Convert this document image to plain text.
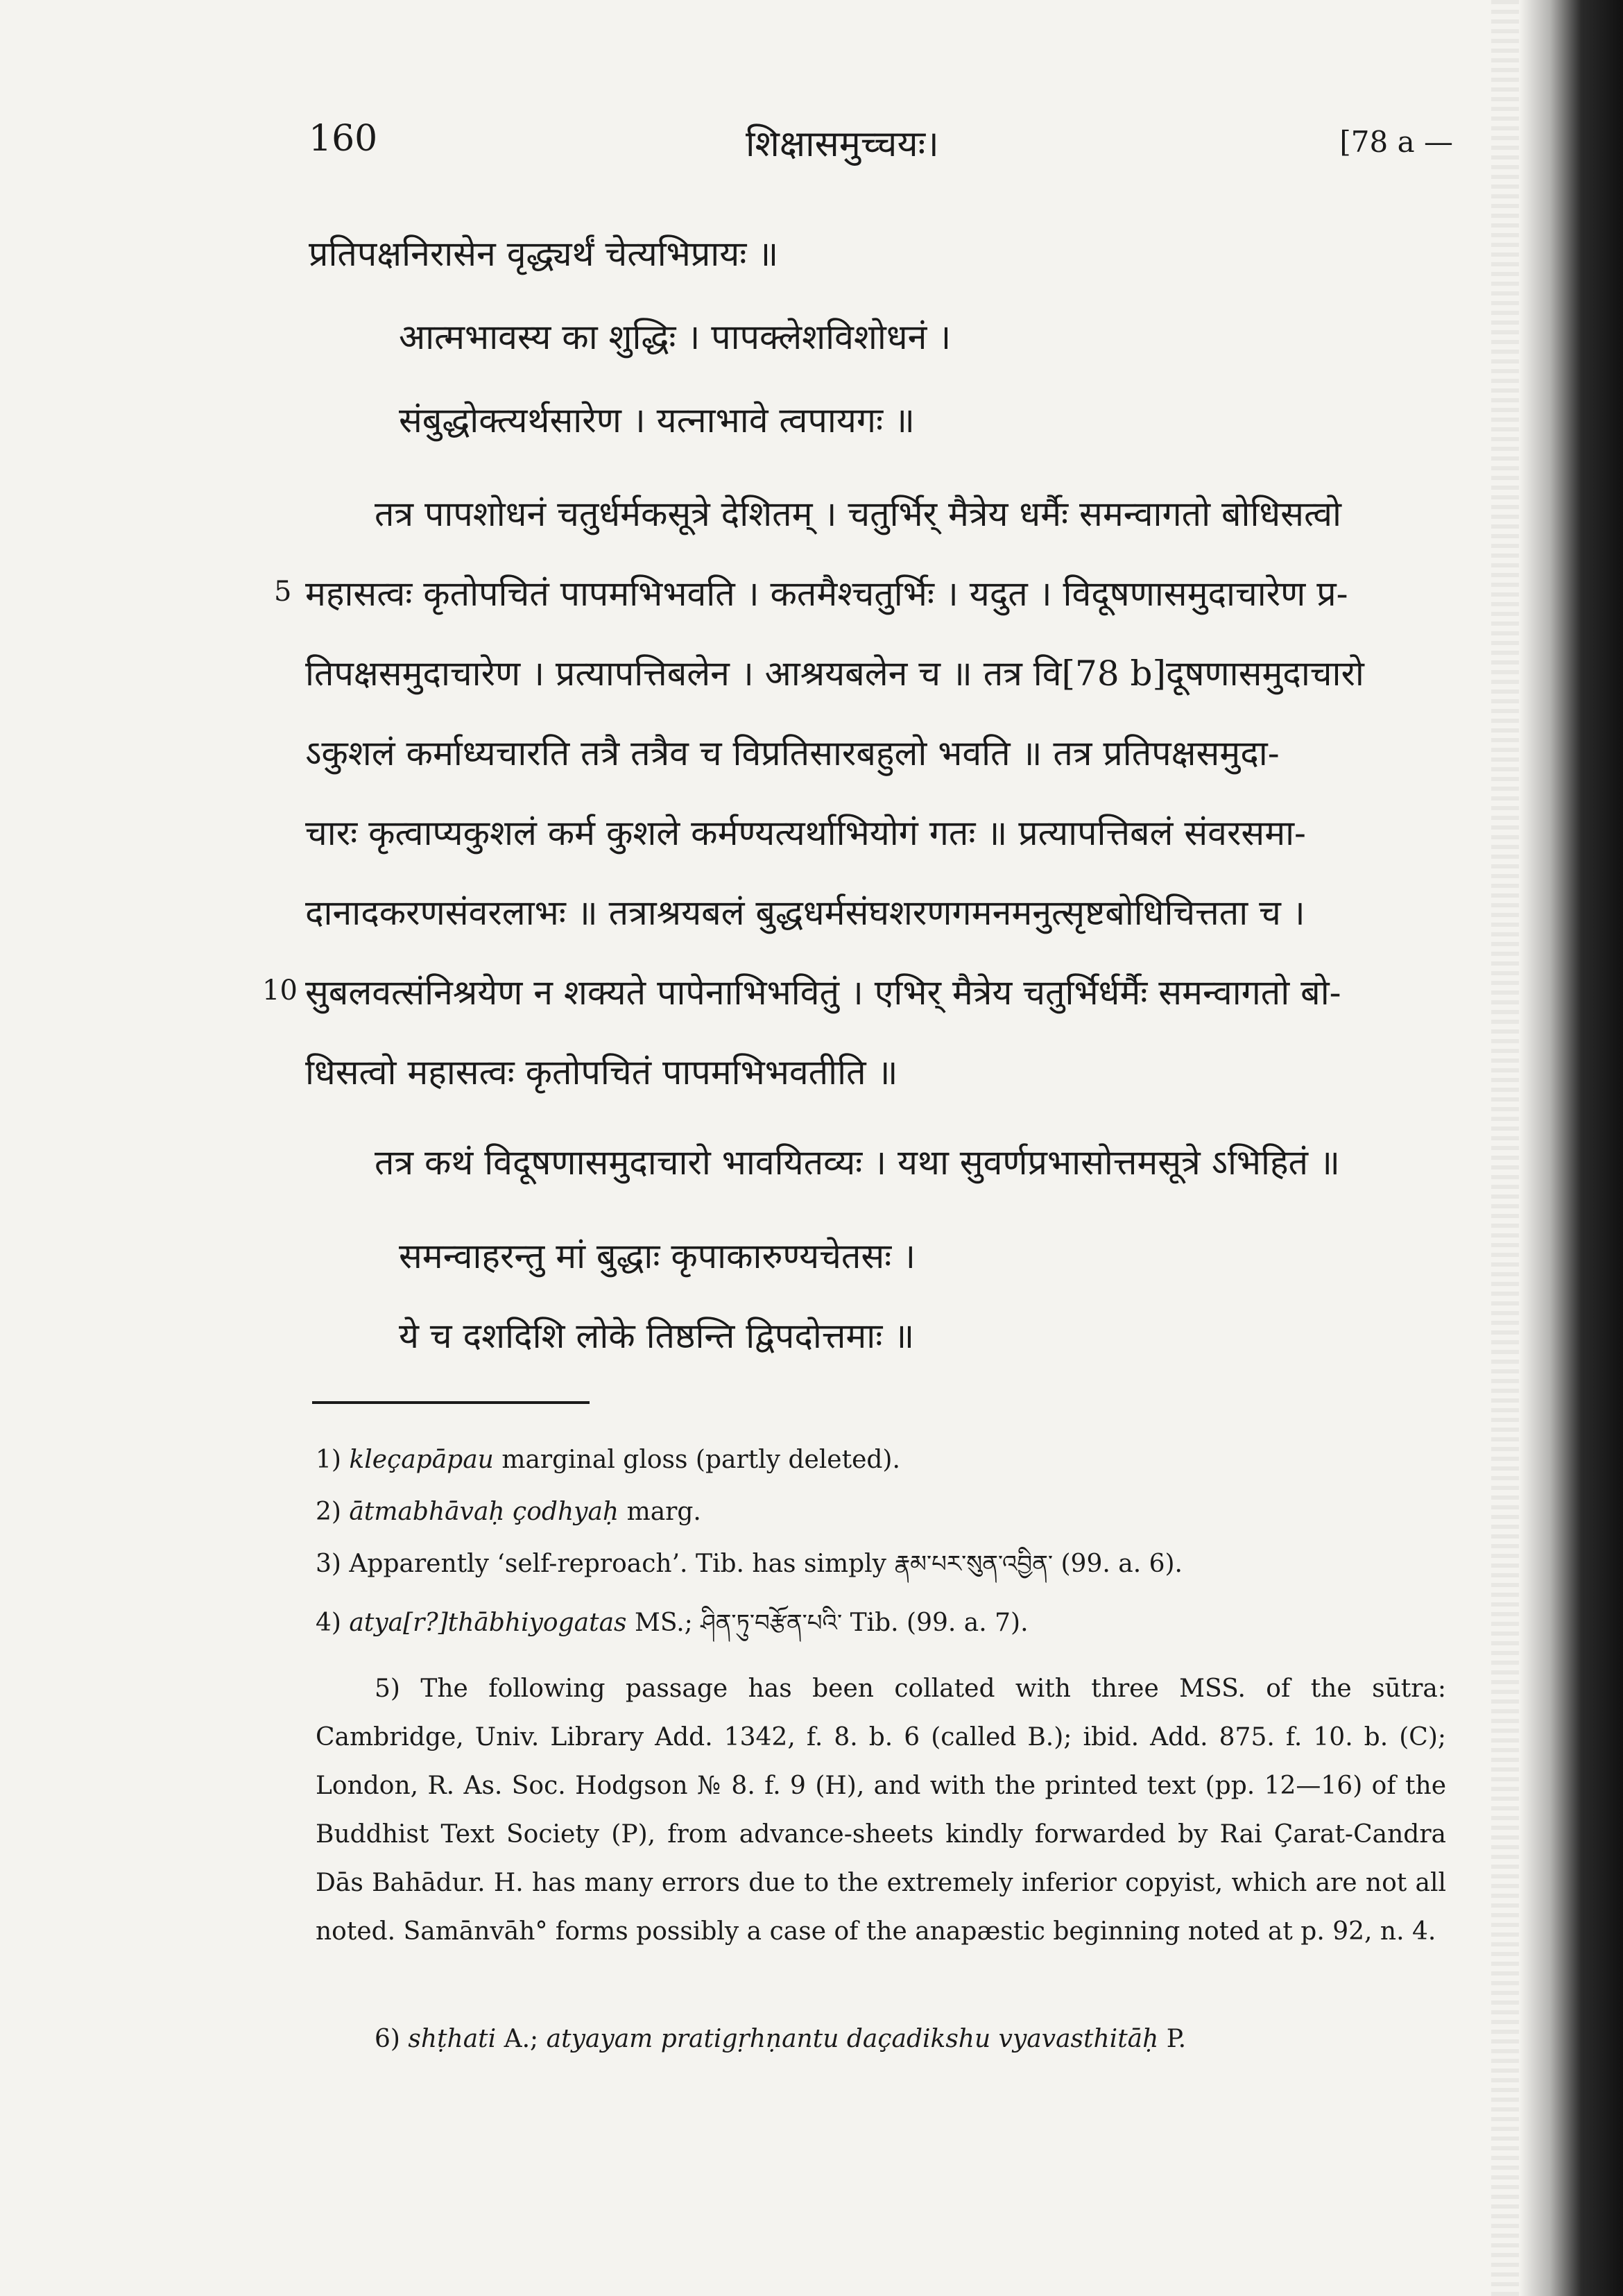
160	शिक्षासमुच्चयः।	[78 a —
प्रतिपक्षनिरासेन वृद्ध्यर्थं चेत्यभिप्रायः ॥
आत्मभावस्य का शुद्धिः । पापक्लेशविशोधनं ।
संबुद्धोक्त्यर्थसारेण । यत्नाभावे त्वपायगः ॥
तत्र पापशोधनं चतुर्धर्मकसूत्रे देशितम् । चतुर्भिर् मैत्रेय धर्मैः समन्वागतो बोधिसत्वो
5 महासत्वः कृतोपचितं पापमभिभवति । कतमैश्चतुर्भिः । यदुत । विदूषणासमुदाचारेण प्र-
तिपक्षसमुदाचारेण । प्रत्यापत्तिबलेन । आश्रयबलेन च ॥ तत्र वि[78 b]दूषणासमुदाचारो
ऽकुशलं कर्माध्यचारति तत्रै तत्रैव च विप्रतिसारबहुलो भवति ॥ तत्र प्रतिपक्षसमुदा-
चारः कृत्वाप्यकुशलं कर्म कुशले कर्मण्यत्यर्थाभियोगं गतः ॥ प्रत्यापत्तिबलं संवरसमा-
दानादकरणसंवरलाभः ॥ तत्राश्रयबलं बुद्धधर्मसंघशरणगमनमनुत्सृष्टबोधिचित्तता च ।
10 सुबलवत्संनिश्रयेण न शक्यते पापेनाभिभवितुं । एभिर् मैत्रेय चतुर्भिर्धर्मैः समन्वागतो बो-
धिसत्वो महासत्वः कृतोपचितं पापमभिभवतीति ॥
तत्र कथं विदूषणासमुदाचारो भावयितव्यः । यथा सुवर्णप्रभासोत्तमसूत्रे ऽभिहितं ॥
समन्वाहरन्तु मां बुद्धाः कृपाकारुण्यचेतसः ।
ये च दशदिशि लोके तिष्ठन्ति द्विपदोत्तमाः ॥
1) kleçapāpau marginal gloss (partly deleted).
2) ātmabhāvaḥ çodhyaḥ marg.
3) Apparently ‘self-reproach’. Tib. has simply རྣམ་པར་སུན་འབྱིན་ (99. a. 6).
4) atya[r?]thābhiyogatas MS.; ཤིན་ཏུ་བརྩོན་པའི་ Tib. (99. a. 7).
5) The following passage has been collated with three MSS. of the sūtra: Cambridge, Univ. Library Add. 1342, f. 8. b. 6 (called B.); ibid. Add. 875. f. 10. b. (C); London, R. As. Soc. Hodgson № 8. f. 9 (H), and with the printed text (pp. 12—16) of the Buddhist Text Society (P), from advance-sheets kindly forwarded by Rai Çarat-Candra Dās Bahādur. H. has many errors due to the extremely inferior copyist, which are not all noted. Samānvāh° forms possibly a case of the anapæstic beginning noted at p. 92, n. 4.
6) shṭhati A.; atyayam pratigṛhṇantu daçadikshu vyavasthitāḥ P.
